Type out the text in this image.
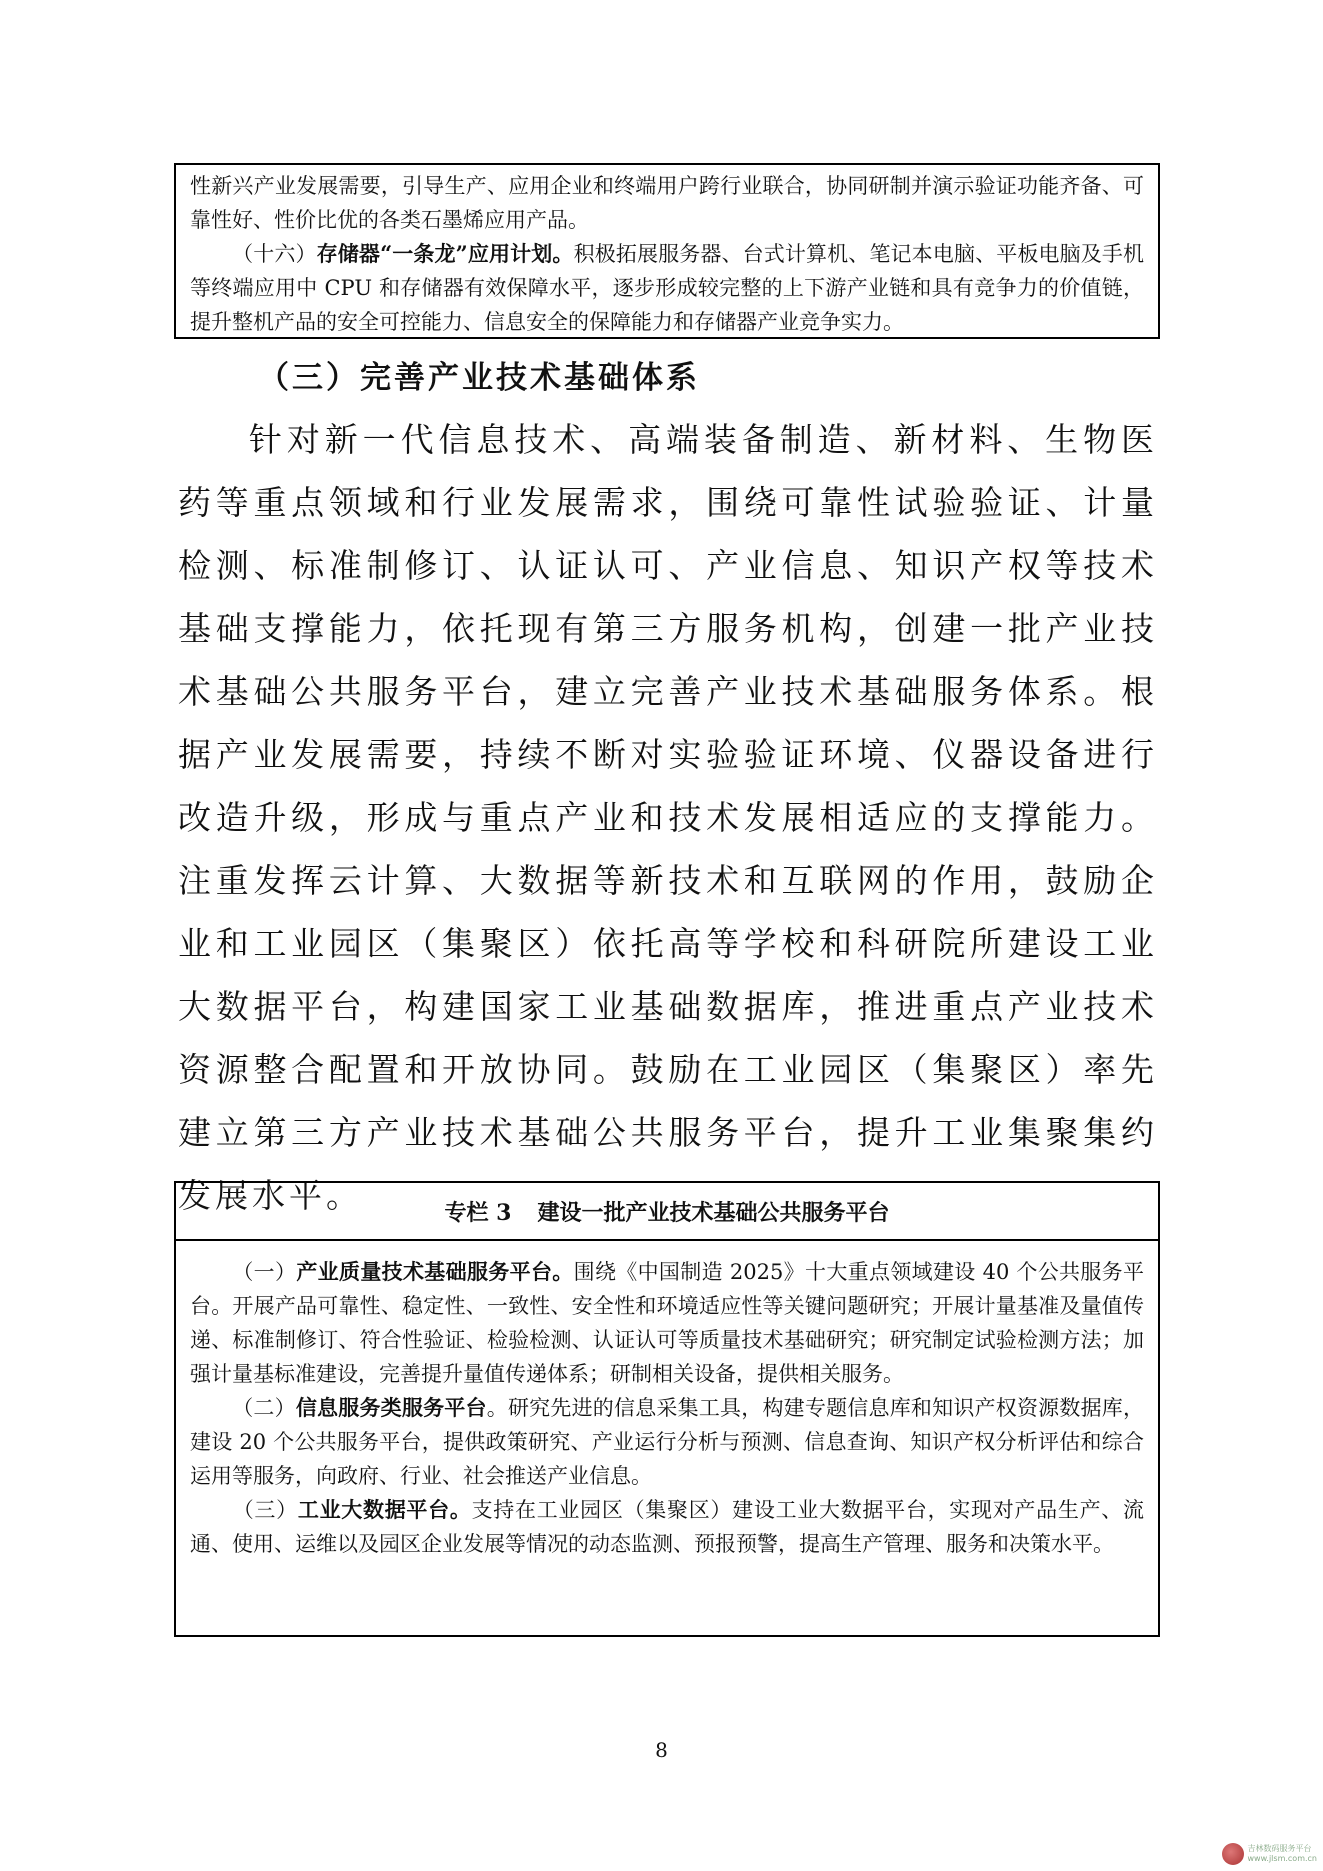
性新兴产业发展需要，引导生产、应用企业和终端用户跨行业联合，协同研制并演示验证功能齐备、可靠性好、性价比优的各类石墨烯应用产品。

（十六）存储器“一条龙”应用计划。积极拓展服务器、台式计算机、笔记本电脑、平板电脑及手机等终端应用中 CPU 和存储器有效保障水平，逐步形成较完整的上下游产业链和具有竞争力的价值链，提升整机产品的安全可控能力、信息安全的保障能力和存储器产业竞争实力。

（三）完善产业技术基础体系

针对新一代信息技术、高端装备制造、新材料、生物医药等重点领域和行业发展需求，围绕可靠性试验验证、计量检测、标准制修订、认证认可、产业信息、知识产权等技术基础支撑能力，依托现有第三方服务机构，创建一批产业技术基础公共服务平台，建立完善产业技术基础服务体系。根据产业发展需要，持续不断对实验验证环境、仪器设备进行改造升级，形成与重点产业和技术发展相适应的支撑能力。注重发挥云计算、大数据等新技术和互联网的作用，鼓励企业和工业园区（集聚区）依托高等学校和科研院所建设工业大数据平台，构建国家工业基础数据库，推进重点产业技术资源整合配置和开放协同。鼓励在工业园区（集聚区）率先建立第三方产业技术基础公共服务平台，提升工业集聚集约发展水平。	专栏 3 建设一批产业技术基础公共服务平台

（一）产业质量技术基础服务平台。围绕《中国制造 2025》十大重点领域建设 40 个公共服务平台。开展产品可靠性、稳定性、一致性、安全性和环境适应性等关键问题研究；开展计量基准及量值传递、标准制修订、符合性验证、检验检测、认证认可等质量技术基础研究；研究制定试验检测方法；加强计量基标准建设，完善提升量值传递体系；研制相关设备，提供相关服务。

（二）信息服务类服务平台。研究先进的信息采集工具，构建专题信息库和知识产权资源数据库，建设 20 个公共服务平台，提供政策研究、产业运行分析与预测、信息查询、知识产权分析评估和综合运用等服务，向政府、行业、社会推送产业信息。

（三）工业大数据平台。支持在工业园区（集聚区）建设工业大数据平台，实现对产品生产、流通、使用、运维以及园区企业发展等情况的动态监测、预报预警，提高生产管理、服务和决策水平。

8
吉林数码服务平台
www.jlsm.com.cn
